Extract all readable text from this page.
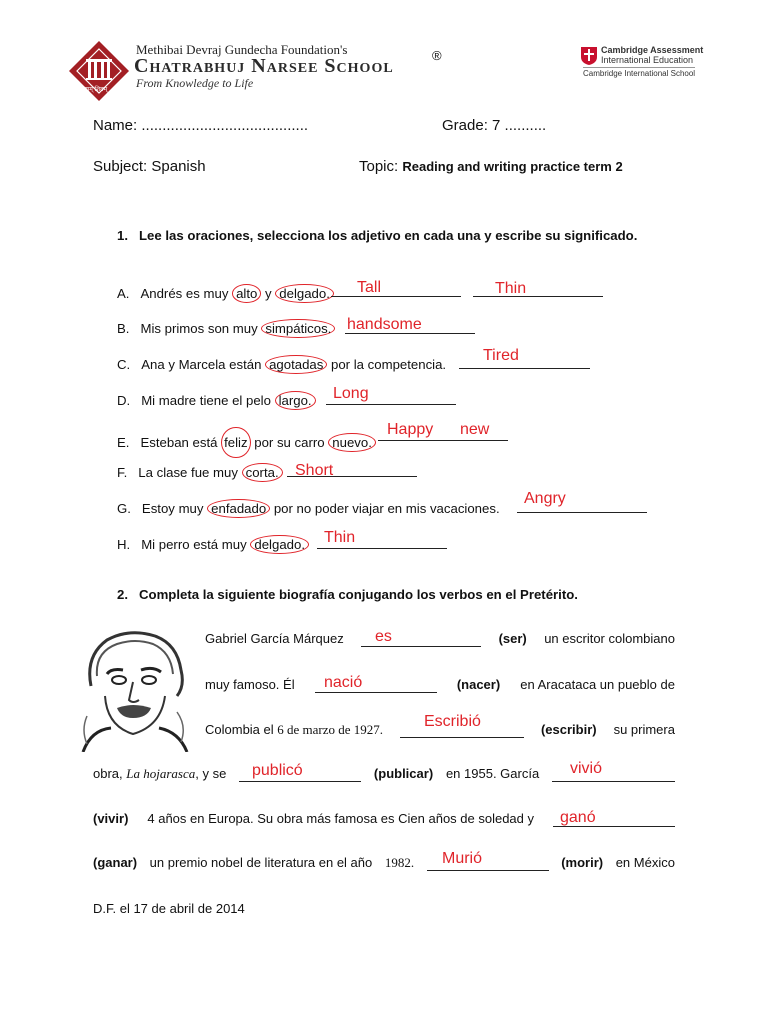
सत्यम् शिवम्
Methibai Devraj Gundecha Foundation's
Chatrabhuj Narsee School	®
From Knowledge to Life
Cambridge Assessment
International Education
Cambridge International School
Name: ........................................	Grade: 7 ..........
Subject: Spanish	Topic: Reading and writing practice term 2
1. Lee las oraciones, selecciona los adjetivo en cada una y escribe su significado.
A. Andrés es muy alto y delgado. Tall	Thin
B. Mis primos son muy simpáticos. handsome
C. Ana y Marcela están agotadas por la competencia.
Tired
D. Mi madre tiene el pelo largo. Long
E. Esteban está feliz por su carro nuevo.
Happy new
F. La clase fue muy corta. Short
G. Estoy muy enfadado por no poder viajar en mis vacaciones.
Angry
H. Mi perro está muy delgado. Thin
2. Completa la siguiente biografía conjugando los verbos en el Pretérito.
Gabriel García Márquez	(ser) un escritor colombiano
es
muy famoso. Él	(nacer) en Aracataca un pueblo de
nació
Colombia el 6 de marzo de 1927.	(escribir) su primera
Escribió
obra, La hojarasca, y se	(publicar) en 1955. García
publicó	vivió
(vivir) 4 años en Europa. Su obra más famosa es Cien años de soledad y ganó
(ganar) un premio nobel de literatura en el año 1982.	(morir) en México
Murió
D.F. el 17 de abril de 2014
